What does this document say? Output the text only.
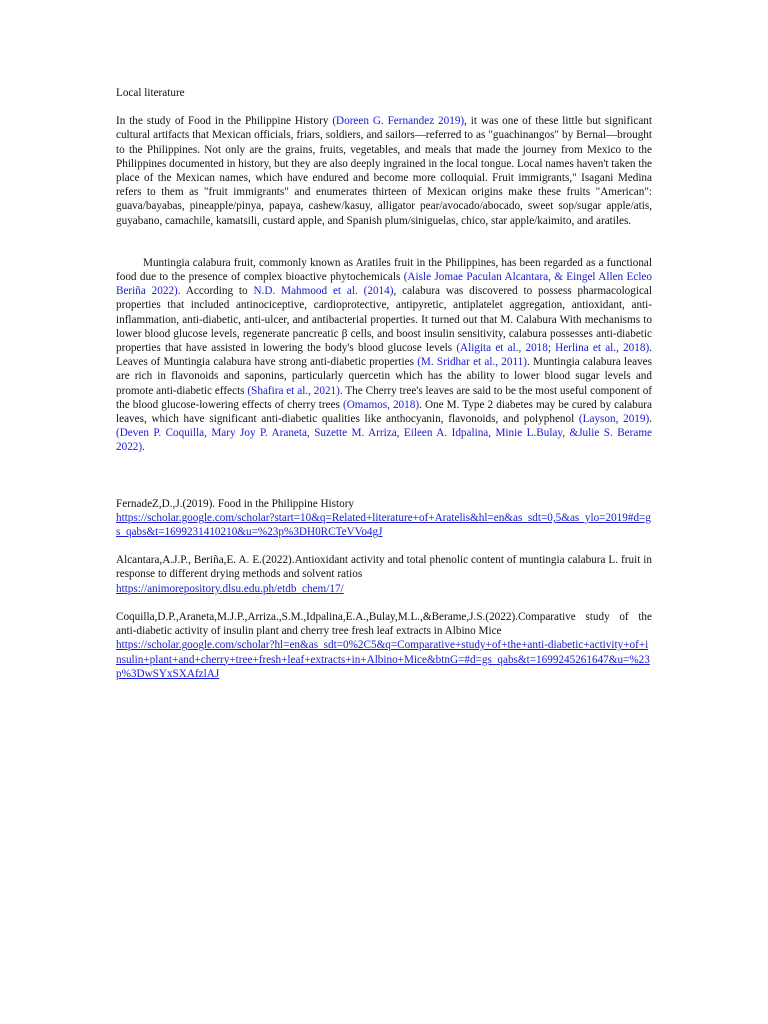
Local literature

In the study of Food in the Philippine History (Doreen G. Fernandez 2019), it was one of these little but significant cultural artifacts that Mexican officials, friars, soldiers, and sailors—referred to as "guachinangos" by Bernal—brought to the Philippines. Not only are the grains, fruits, vegetables, and meals that made the journey from Mexico to the Philippines documented in history, but they are also deeply ingrained in the local tongue. Local names haven't taken the place of the Mexican names, which have endured and become more colloquial. Fruit immigrants," Isagani Medina refers to them as "fruit immigrants" and enumerates thirteen of Mexican origins make these fruits "American": guava/bayabas, pineapple/pinya, papaya, cashew/kasuy, alligator pear/avocado/abocado, sweet sop/sugar apple/atis, guyabano, camachile, kamatsili, custard apple, and Spanish plum/siniguelas, chico, star apple/kaimito, and aratiles.

Muntingia calabura fruit, commonly known as Aratiles fruit in the Philippines, has been regarded as a functional food due to the presence of complex bioactive phytochemicals (Aisle Jomae Paculan Alcantara, & Eingel Allen Ecleo Beriña 2022). According to N.D. Mahmood et al. (2014), calabura was discovered to possess pharmacological properties that included antinociceptive, cardioprotective, antipyretic, antiplatelet aggregation, antioxidant, anti-inflammation, anti-diabetic, anti-ulcer, and antibacterial properties. It turned out that M. Calabura With mechanisms to lower blood glucose levels, regenerate pancreatic β cells, and boost insulin sensitivity, calabura possesses anti-diabetic properties that have assisted in lowering the body's blood glucose levels (Aligita et al., 2018; Herlina et al., 2018). Leaves of Muntingia calabura have strong anti-diabetic properties (M. Sridhar et al., 2011). Muntingia calabura leaves are rich in flavonoids and saponins, particularly quercetin which has the ability to lower blood sugar levels and promote anti-diabetic effects (Shafira et al., 2021). The Cherry tree's leaves are said to be the most useful component of the blood glucose-lowering effects of cherry trees (Omamos, 2018). One M. Type 2 diabetes may be cured by calabura leaves, which have significant anti-diabetic qualities like anthocyanin, flavonoids, and polyphenol (Layson, 2019). (Deven P. Coquilla, Mary Joy P. Araneta, Suzette M. Arriza, Eileen A. Idpalina, Minie L.Bulay, &Julie S. Berame 2022).

FernadeZ,D.,J.(2019). Food in the Philippine History
https://scholar.google.com/scholar?start=10&q=Related+literature+of+Aratelis&hl=en&as_sdt=0,5&as_ylo=2019#d=gs_qabs&t=1699231410210&u=%23p%3DH0RCTeVVo4gJ

Alcantara,A.J.P., Beriña,E. A. E.(2022).Antioxidant activity and total phenolic content of muntingia calabura L. fruit in response to different drying methods and solvent ratios
https://animorepository.dlsu.edu.ph/etdb_chem/17/

Coquilla,D.P.,Araneta,M.J.P.,Arriza.,S.M.,Idpalina,E.A.,Bulay,M.L.,&Berame,J.S.(2022).Comparative study of the anti-diabetic activity of insulin plant and cherry tree fresh leaf extracts in Albino Mice
https://scholar.google.com/scholar?hl=en&as_sdt=0%2C5&q=Comparative+study+of+the+anti-diabetic+activity+of+insulin+plant+and+cherry+tree+fresh+leaf+extracts+in+Albino+Mice&btnG=#d=gs_qabs&t=1699245261647&u=%23p%3DwSYxSXAfzlAJ
